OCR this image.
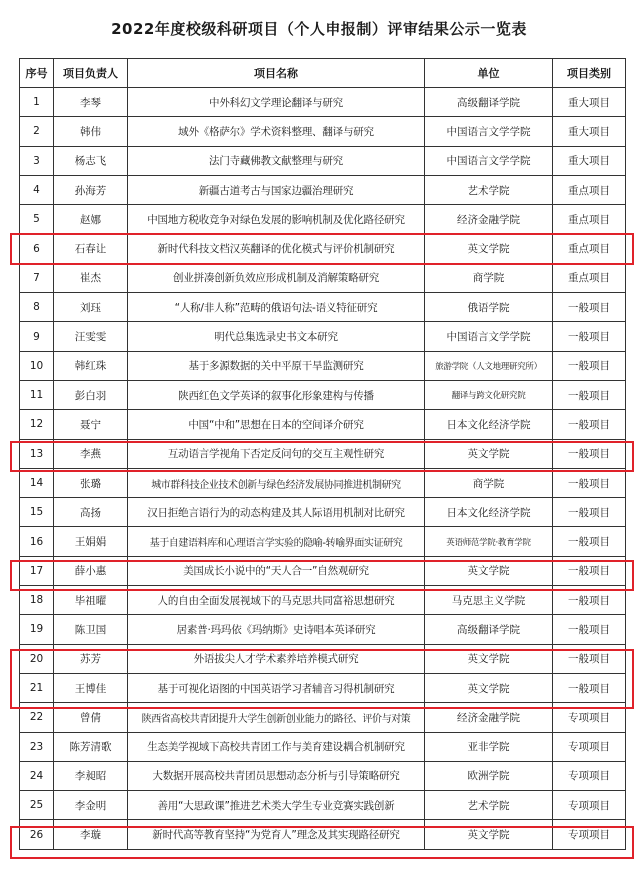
2022年度校级科研项目（个人申报制）评审结果公示一览表
序号	项目负责人	项目名称	单位	项目类别
1	李琴	中外科幻文学理论翻译与研究	高级翻译学院	重大项目
2	韩伟	域外《格萨尔》学术资料整理、翻译与研究	中国语言文学学院	重大项目
3	杨志飞	法门寺藏佛教文献整理与研究	中国语言文学学院	重大项目
4	孙海芳	新疆古道考古与国家边疆治理研究	艺术学院	重点项目
5	赵娜	中国地方税收竞争对绿色发展的影响机制及优化路径研究	经济金融学院	重点项目
6	石春让	新时代科技文档汉英翻译的优化模式与评价机制研究	英文学院	重点项目
7	崔杰	创业拼凑创新负效应形成机制及消解策略研究	商学院	重点项目
8	刘珏	“人称/非人称”范畴的俄语句法-语义特征研究	俄语学院	一般项目
9	汪雯雯	明代总集选录史书文本研究	中国语言文学学院	一般项目
10	韩红珠	基于多源数据的关中平原干旱监测研究	旅游学院（人文地理研究所）	一般项目
11	彭白羽	陕西红色文学英译的叙事化形象建构与传播	翻译与跨文化研究院	一般项目
12	聂宁	中国“中和”思想在日本的空间译介研究	日本文化经济学院	一般项目
13	李燕	互动语言学视角下否定反问句的交互主观性研究	英文学院	一般项目
14	张璐	城市群科技企业技术创新与绿色经济发展协同推进机制研究	商学院	一般项目
15	高扬	汉日拒绝言语行为的动态构建及其人际语用机制对比研究	日本文化经济学院	一般项目
16	王娟娟	基于自建语料库和心理语言学实验的隐喻-转喻界面实证研究	英语师范学院·教育学院	一般项目
17	薛小惠	美国成长小说中的“天人合一”自然观研究	英文学院	一般项目
18	毕祖曜	人的自由全面发展视域下的马克思共同富裕思想研究	马克思主义学院	一般项目
19	陈卫国	居素普·玛玛依《玛纳斯》史诗唱本英译研究	高级翻译学院	一般项目
20	苏芳	外语拔尖人才学术素养培养模式研究	英文学院	一般项目
21	王博佳	基于可视化语图的中国英语学习者辅音习得机制研究	英文学院	一般项目
22	曾倩	陕西省高校共青团提升大学生创新创业能力的路径、评价与对策	经济金融学院	专项项目
23	陈芳清歌	生态美学视域下高校共青团工作与美育建设耦合机制研究	亚非学院	专项项目
24	李昶昭	大数据开展高校共青团员思想动态分析与引导策略研究	欧洲学院	专项项目
25	李金明	善用“大思政课”推进艺术类大学生专业竞赛实践创新	艺术学院	专项项目
26	李璇	新时代高等教育坚持“为党育人”理念及其实现路径研究	英文学院	专项项目
